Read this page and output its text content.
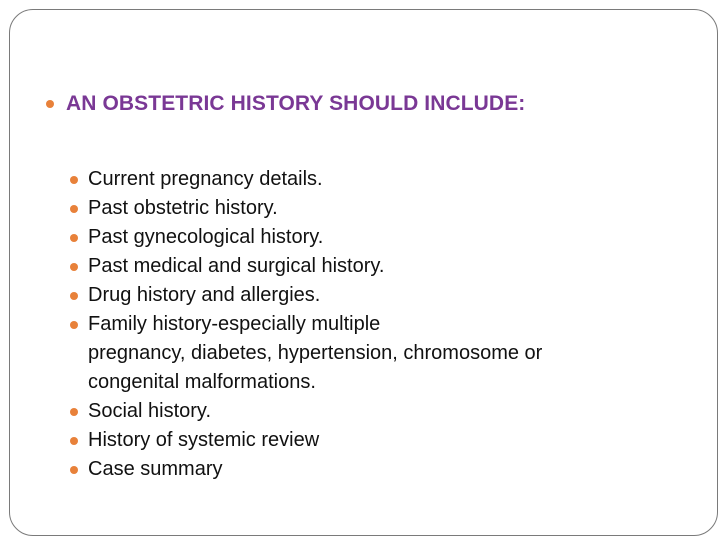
AN OBSTETRIC HISTORY SHOULD INCLUDE:
Current pregnancy details.
Past obstetric history.
Past gynecological history.
Past medical and surgical history.
Drug history and allergies.
Family history-especially multiple
pregnancy, diabetes, hypertension, chromosome or
congenital malformations.
Social history.
History of systemic review
Case summary
